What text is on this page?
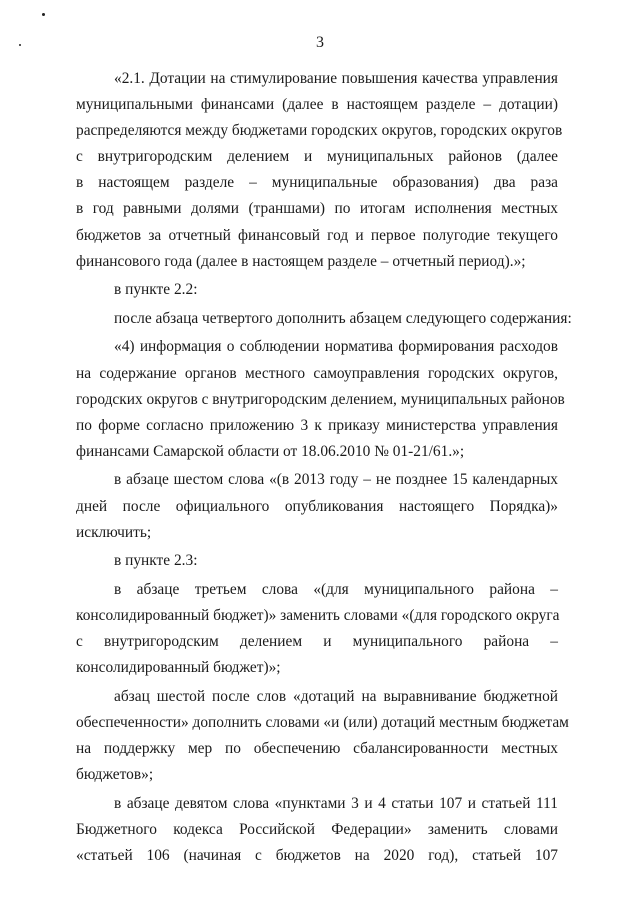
3
«2.1. Дотации на стимулирование повышения качества управления
муниципальными финансами (далее в настоящем разделе – дотации)
распределяются между бюджетами городских округов, городских округов
с внутригородским делением и муниципальных районов (далее
в настоящем разделе – муниципальные образования) два раза
в год равными долями (траншами) по итогам исполнения местных
бюджетов за отчетный финансовый год и первое полугодие текущего
финансового года (далее в настоящем разделе – отчетный период).»;
в пункте 2.2:
после абзаца четвертого дополнить абзацем следующего содержания:
«4) информация о соблюдении норматива формирования расходов
на содержание органов местного самоуправления городских округов,
городских округов с внутригородским делением, муниципальных районов
по форме согласно приложению 3 к приказу министерства управления
финансами Самарской области от 18.06.2010 № 01-21/61.»;
в абзаце шестом слова «(в 2013 году – не позднее 15 календарных
дней после официального опубликования настоящего Порядка)»
исключить;
в пункте 2.3:
в абзаце третьем слова «(для муниципального района –
консолидированный бюджет)» заменить словами «(для городского округа
с внутригородским делением и муниципального района –
консолидированный бюджет)»;
абзац шестой после слов «дотаций на выравнивание бюджетной
обеспеченности» дополнить словами «и (или) дотаций местным бюджетам
на поддержку мер по обеспечению сбалансированности местных
бюджетов»;
в абзаце девятом слова «пунктами 3 и 4 статьи 107 и статьей 111
Бюджетного кодекса Российской Федерации» заменить словами
«статьей 106 (начиная с бюджетов на 2020 год), статьей 107
